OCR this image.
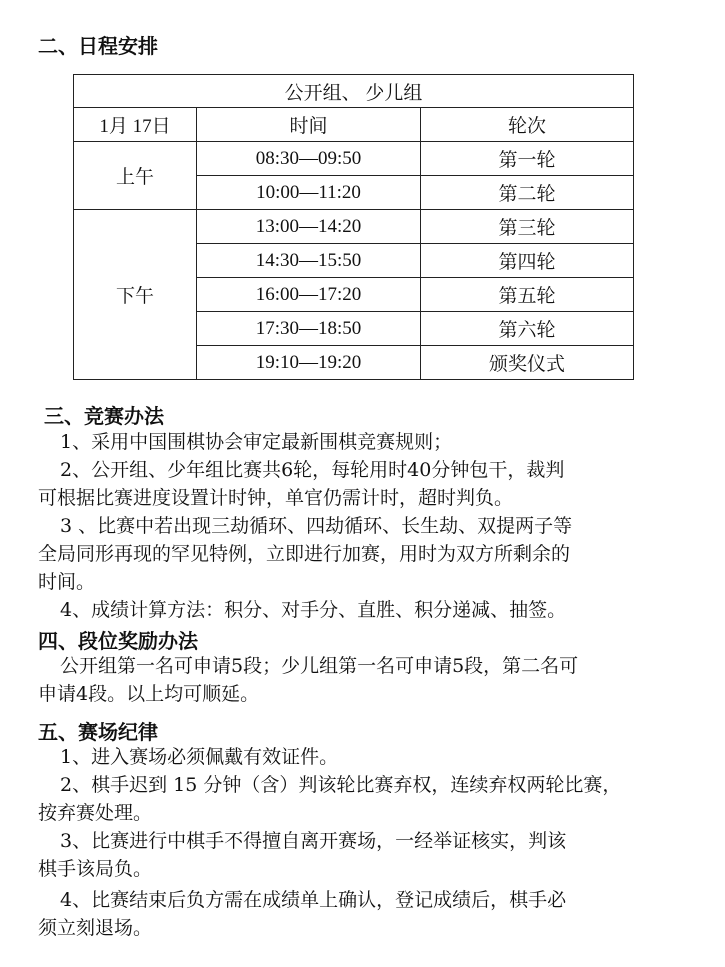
二、日程安排
公开组、 少儿组		
1月 17日	时间	轮次
上午	08:30—09:50	第一轮
	10:00—11:20	第二轮
下午	13:00—14:20	第三轮
	14:30—15:50	第四轮
	16:00—17:20	第五轮
	17:30—18:50	第六轮
	19:10—19:20	颁奖仪式
三、竞赛办法
1、采用中国围棋协会审定最新围棋竞赛规则；
2、公开组、少年组比赛共6轮，每轮用时40分钟包干，裁判
可根据比赛进度设置计时钟，单官仍需计时，超时判负。
3 、比赛中若出现三劫循环、四劫循环、长生劫、双提两子等
全局同形再现的罕见特例，立即进行加赛，用时为双方所剩余的
时间。
4、成绩计算方法：积分、对手分、直胜、积分递减、抽签。
四、段位奖励办法
公开组第一名可申请5段；少儿组第一名可申请5段，第二名可
申请4段。以上均可顺延。
五、赛场纪律
1、进入赛场必须佩戴有效证件。
2、棋手迟到 15 分钟（含）判该轮比赛弃权，连续弃权两轮比赛，
按弃赛处理。
3、比赛进行中棋手不得擅自离开赛场，一经举证核实，判该
棋手该局负。
4、比赛结束后负方需在成绩单上确认，登记成绩后，棋手必
须立刻退场。
